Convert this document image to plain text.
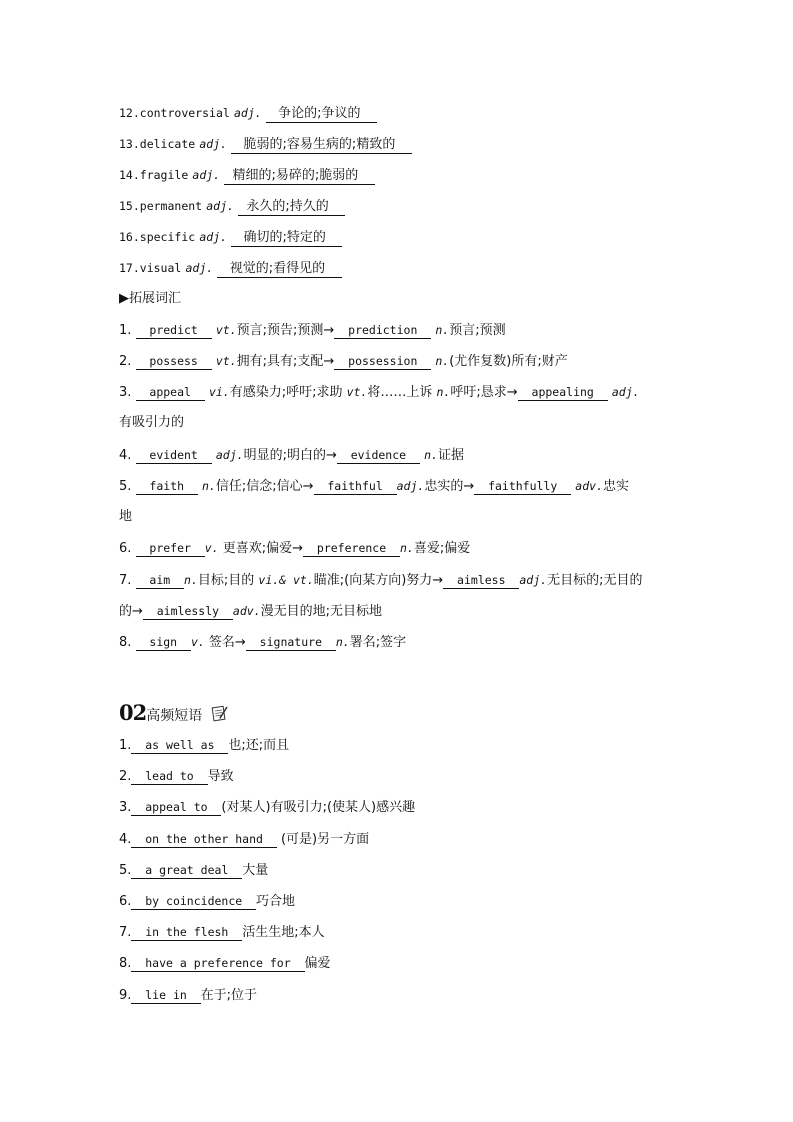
12.controversial adj.    争论的;争议的
13.delicate adj.    脆弱的;容易生病的;精致的
14.fragile adj.   精细的;易碎的;脆弱的
15.permanent adj.   永久的;持久的
16.specific adj.    确切的;特定的
17.visual adj.    视觉的;看得见的
▶拓展词汇
1.   predict   vt.预言;预告;预测→  prediction   n.预言;预测
2.   possess   vt.拥有;具有;支配→  possession   n.(尤作复数)所有;财产
3.   appeal   vi.有感染力;呼吁;求助 vt.将……上诉 n.呼吁;恳求→  appealing   adj.
有吸引力的
4.   evident   adj.明显的;明白的→  evidence   n.证据
5.   faith   n.信任;信念;信心→  faithful  adj.忠实的→  faithfully   adv.忠实
地
6.   prefer  v. 更喜欢;偏爱→  preference  n.喜爱;偏爱
7.   aim  n.目标;目的 vi.& vt.瞄准;(向某方向)努力→  aimless  adj.无目标的;无目的
的→  aimlessly  adv.漫无目的地;无目标地
8.   sign  v. 签名→  signature  n.署名;签字
02高频短语
1.  as well as  也;还;而且
2.  lead to  导致
3.  appeal to  (对某人)有吸引力;(使某人)感兴趣
4.  on the other hand   (可是)另一方面
5.  a great deal  大量
6.  by coincidence  巧合地
7.  in the flesh  活生生地;本人
8.  have a preference for  偏爱
9.  lie in  在于;位于
